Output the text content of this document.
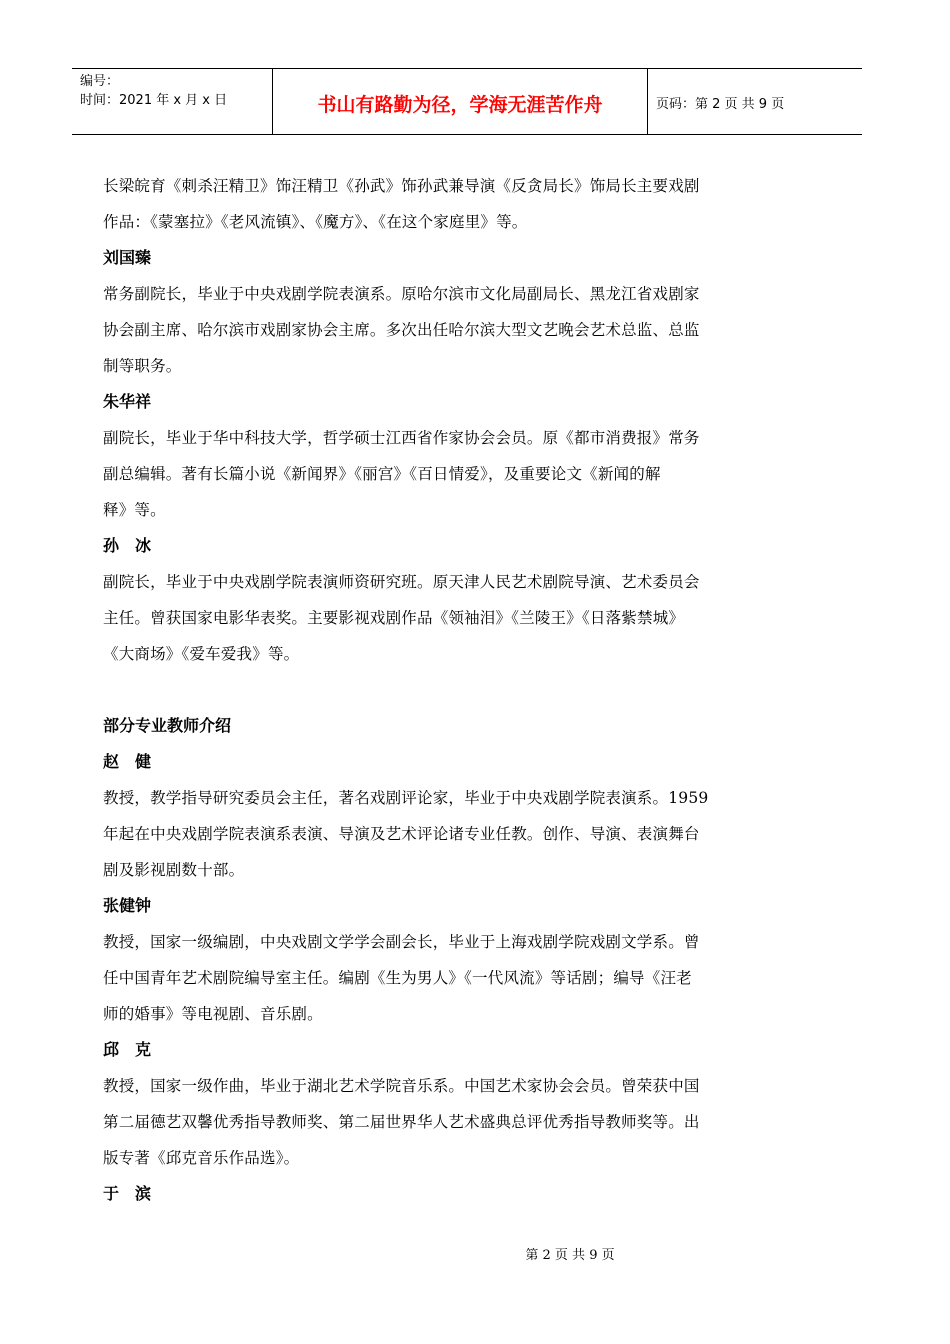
编号：
时间：2021 年 x 月 x 日	书山有路勤为径，学海无涯苦作舟	页码：第 2 页 共 9 页

长梁皖育《刺杀汪精卫》饰汪精卫《孙武》饰孙武兼导演《反贪局长》饰局长主要戏剧

作品：《蒙塞拉》《老风流镇》、《魔方》、《在这个家庭里》等。

刘国臻

常务副院长，毕业于中央戏剧学院表演系。原哈尔滨市文化局副局长、黑龙江省戏剧家

协会副主席、哈尔滨市戏剧家协会主席。多次出任哈尔滨大型文艺晚会艺术总监、总监

制等职务。

朱华祥

副院长，毕业于华中科技大学，哲学硕士江西省作家协会会员。原《都市消费报》常务

副总编辑。著有长篇小说《新闻界》《丽宫》《百日情爱》，及重要论文《新闻的解

释》等。

孙　冰

副院长，毕业于中央戏剧学院表演师资研究班。原天津人民艺术剧院导演、艺术委员会

主任。曾获国家电影华表奖。主要影视戏剧作品《领袖泪》《兰陵王》《日落紫禁城》

《大商场》《爱车爱我》等。

部分专业教师介绍

赵　健

教授，教学指导研究委员会主任，著名戏剧评论家，毕业于中央戏剧学院表演系。1959

年起在中央戏剧学院表演系表演、导演及艺术评论诸专业任教。创作、导演、表演舞台

剧及影视剧数十部。

张健钟

教授，国家一级编剧，中央戏剧文学学会副会长，毕业于上海戏剧学院戏剧文学系。曾

任中国青年艺术剧院编导室主任。编剧《生为男人》《一代风流》等话剧；编导《汪老

师的婚事》等电视剧、音乐剧。

邱　克

教授，国家一级作曲，毕业于湖北艺术学院音乐系。中国艺术家协会会员。曾荣获中国

第二届德艺双馨优秀指导教师奖、第二届世界华人艺术盛典总评优秀指导教师奖等。出

版专著《邱克音乐作品选》。

于　滨

第 2 页 共 9 页
